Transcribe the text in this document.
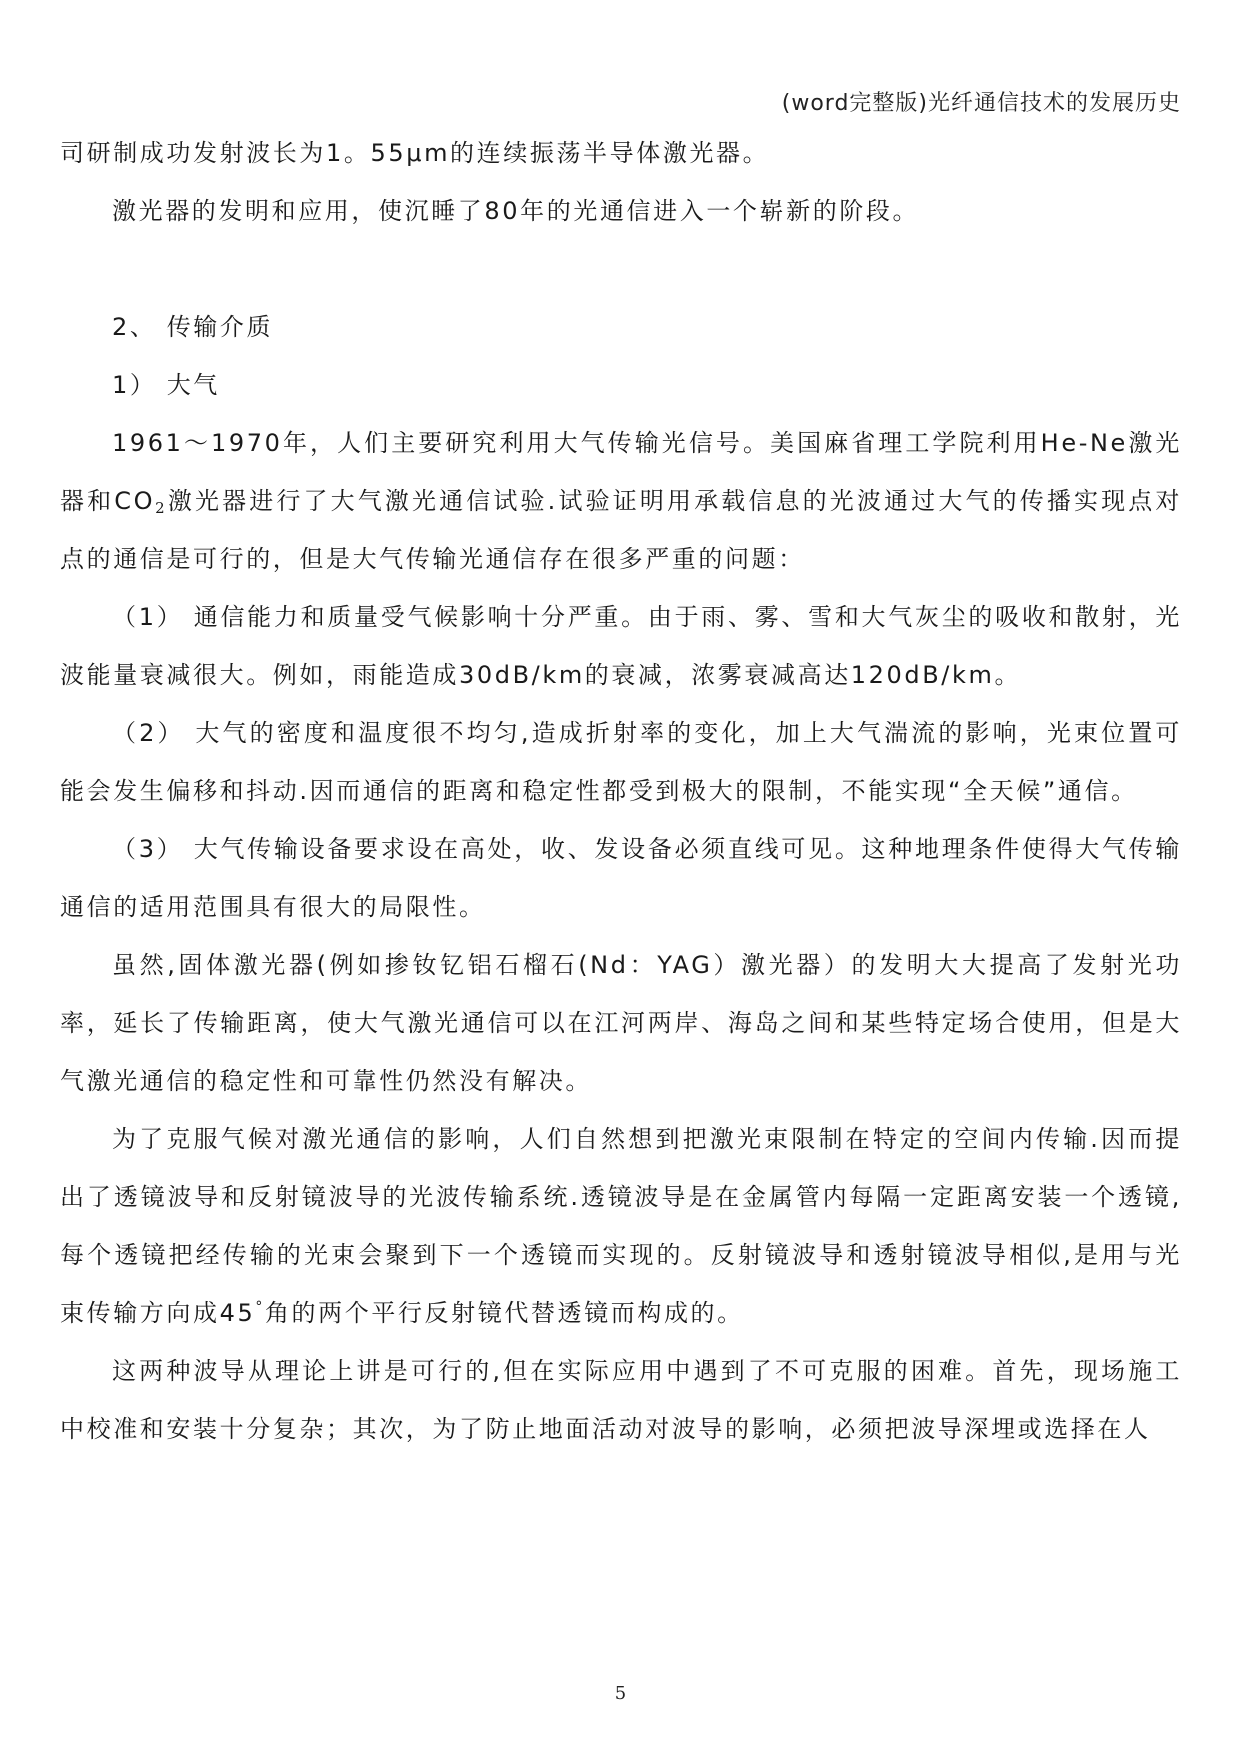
(word完整版)光纤通信技术的发展历史

司研制成功发射波长为1。55μm的连续振荡半导体激光器。

激光器的发明和应用，使沉睡了80年的光通信进入一个崭新的阶段。

2、 传输介质

1） 大气

1961～1970年，人们主要研究利用大气传输光信号。美国麻省理工学院利用He-Ne激光器和$CO_2$激光器进行了大气激光通信试验.试验证明用承载信息的光波通过大气的传播实现点对点的通信是可行的，但是大气传输光通信存在很多严重的问题：

（1） 通信能力和质量受气候影响十分严重。由于雨、雾、雪和大气灰尘的吸收和散射，光波能量衰减很大。例如，雨能造成30dB/km的衰减，浓雾衰减高达120dB/km。

（2） 大气的密度和温度很不均匀,造成折射率的变化，加上大气湍流的影响，光束位置可能会发生偏移和抖动.因而通信的距离和稳定性都受到极大的限制，不能实现“全天候”通信。

（3） 大气传输设备要求设在高处，收、发设备必须直线可见。这种地理条件使得大气传输通信的适用范围具有很大的局限性。

虽然,固体激光器(例如掺钕钇铝石榴石(Nd：YAG）激光器）的发明大大提高了发射光功率，延长了传输距离，使大气激光通信可以在江河两岸、海岛之间和某些特定场合使用，但是大气激光通信的稳定性和可靠性仍然没有解决。

为了克服气候对激光通信的影响，人们自然想到把激光束限制在特定的空间内传输.因而提出了透镜波导和反射镜波导的光波传输系统.透镜波导是在金属管内每隔一定距离安装一个透镜,每个透镜把经传输的光束会聚到下一个透镜而实现的。反射镜波导和透射镜波导相似,是用与光束传输方向成45°角的两个平行反射镜代替透镜而构成的。

这两种波导从理论上讲是可行的,但在实际应用中遇到了不可克服的困难。首先，现场施工中校准和安装十分复杂；其次，为了防止地面活动对波导的影响，必须把波导深埋或选择在人

5
